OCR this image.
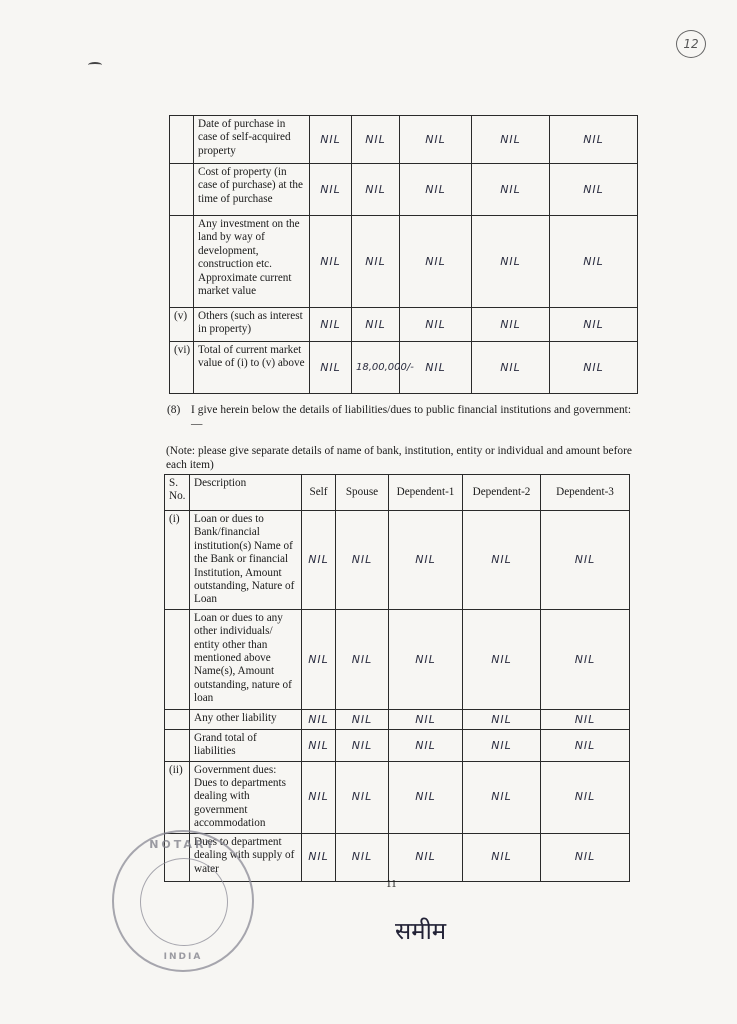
12
	Date of purchase in case of self-acquired property	NIL	NIL	NIL	NIL	NIL
	Cost of property (in case of purchase) at the time of purchase	NIL	NIL	NIL	NIL	NIL
	Any investment on the land by way of development, construction etc. Approximate current market value	NIL	NIL	NIL	NIL	NIL
(v)	Others (such as interest in property)	NIL	NIL	NIL	NIL	NIL
(vi)	Total of current market value of (i) to (v) above	NIL	18,00,000/-	NIL	NIL	NIL
(8) I give herein below the details of liabilities/dues to public financial institutions and government:—
(Note: please give separate details of name of bank, institution, entity or individual and amount before each item)
S. No.	Description	Self	Spouse	Dependent-1	Dependent-2	Dependent-3
(i)	Loan or dues to Bank/financial institution(s) Name of the Bank or financial Institution, Amount outstanding, Nature of Loan	NIL	NIL	NIL	NIL	NIL
	Loan or dues to any other individuals/ entity other than mentioned above Name(s), Amount outstanding, nature of loan	NIL	NIL	NIL	NIL	NIL
	Any other liability	NIL	NIL	NIL	NIL	NIL
	Grand total of liabilities	NIL	NIL	NIL	NIL	NIL
(ii)	Government dues: Dues to departments dealing with government accommodation	NIL	NIL	NIL	NIL	NIL
	Dues to department dealing with supply of water	NIL	NIL	NIL	NIL	NIL
11
NOTARY
INDIA
समीम
